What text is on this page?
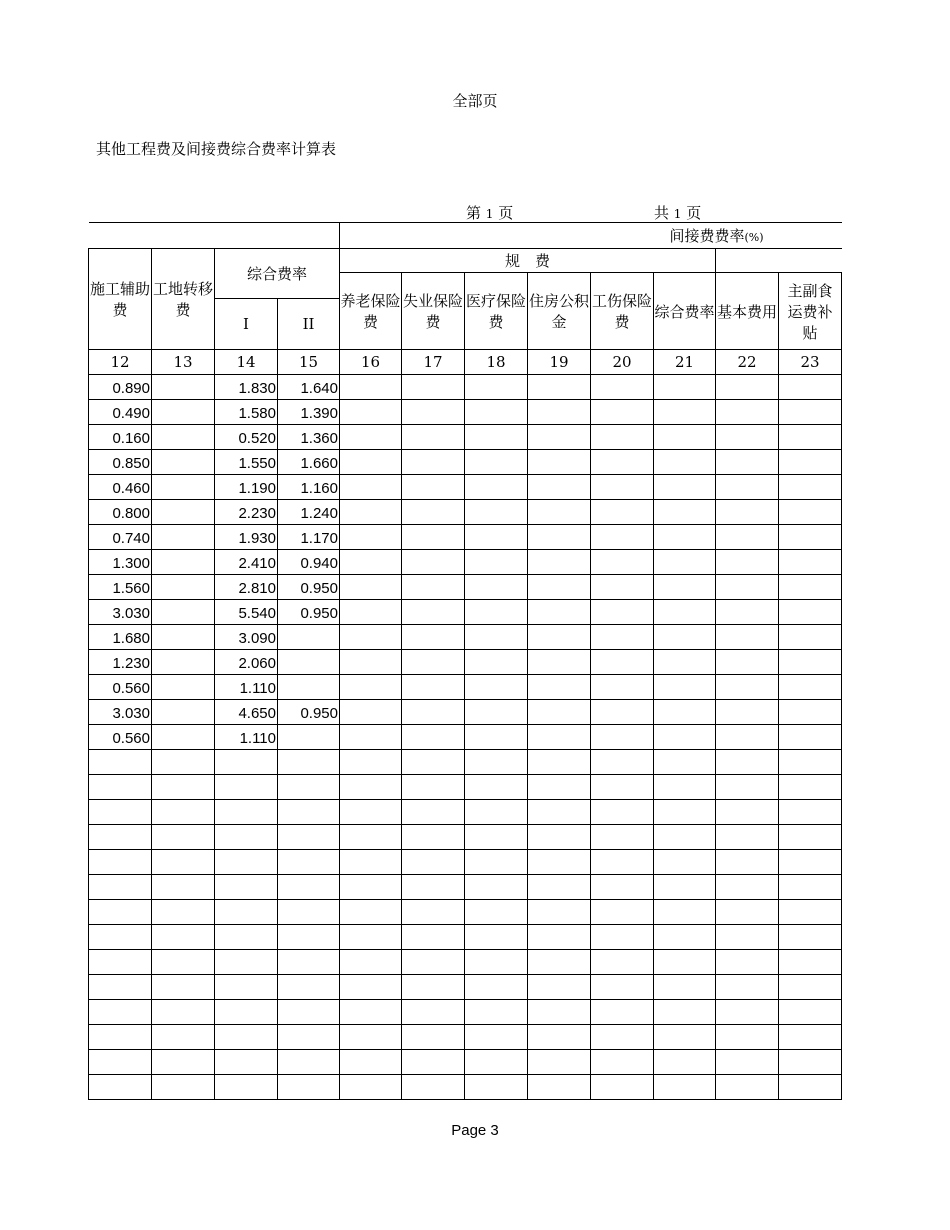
全部页
其他工程费及间接费综合费率计算表
第 1 页	共 1 页
				间接费费率(%)							
施工辅助费	工地转移费	综合费率		规　费							
				养老保险费	失业保险费	医疗保险费	住房公积金	工伤保险费	综合费率	基本费用	主副食运费补贴
		I	II								
12	13	14	15	16	17	18	19	20	21	22	23
0.890		1.830	1.640								
0.490		1.580	1.390								
0.160		0.520	1.360								
0.850		1.550	1.660								
0.460		1.190	1.160								
0.800		2.230	1.240								
0.740		1.930	1.170								
1.300		2.410	0.940								
1.560		2.810	0.950								
3.030		5.540	0.950								
1.680		3.090									
1.230		2.060									
0.560		1.110									
3.030		4.650	0.950								
0.560		1.110									

Page 3
